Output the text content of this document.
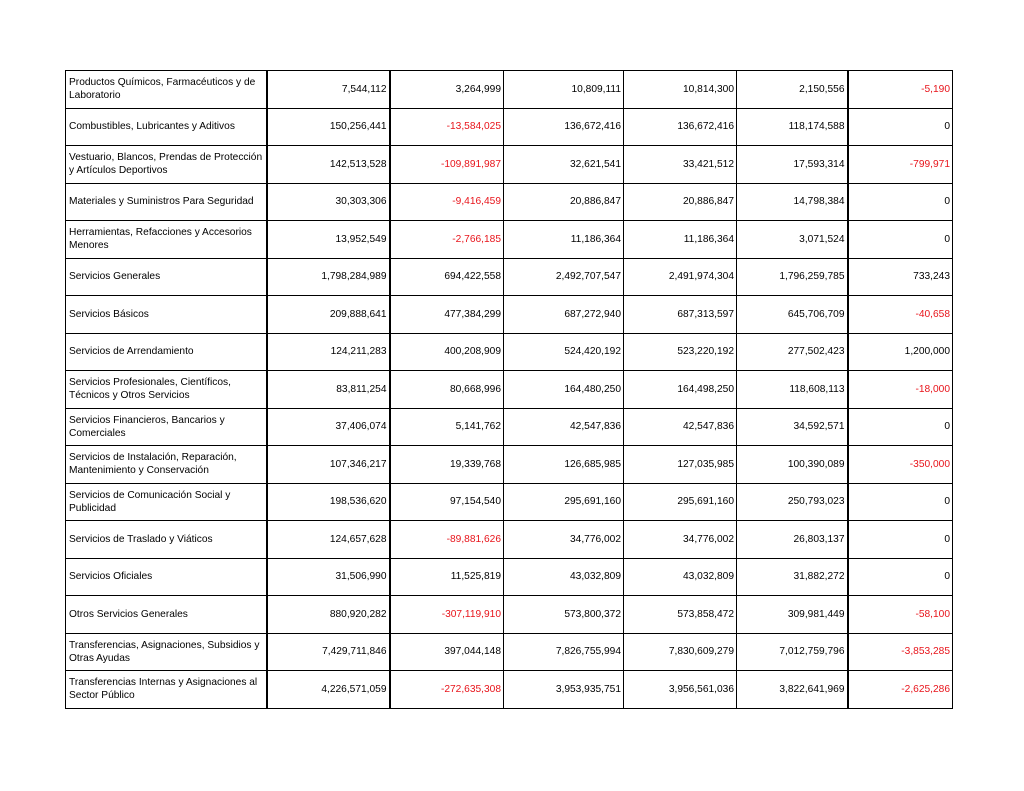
Productos Químicos, Farmacéuticos y de Laboratorio	7,544,112	3,264,999	10,809,111	10,814,300	2,150,556	-5,190
Combustibles, Lubricantes y Aditivos	150,256,441	-13,584,025	136,672,416	136,672,416	118,174,588	0
Vestuario, Blancos, Prendas de Protección y Artículos Deportivos	142,513,528	-109,891,987	32,621,541	33,421,512	17,593,314	-799,971
Materiales y Suministros Para Seguridad	30,303,306	-9,416,459	20,886,847	20,886,847	14,798,384	0
Herramientas, Refacciones y Accesorios Menores	13,952,549	-2,766,185	11,186,364	11,186,364	3,071,524	0
Servicios Generales	1,798,284,989	694,422,558	2,492,707,547	2,491,974,304	1,796,259,785	733,243
Servicios Básicos	209,888,641	477,384,299	687,272,940	687,313,597	645,706,709	-40,658
Servicios de Arrendamiento	124,211,283	400,208,909	524,420,192	523,220,192	277,502,423	1,200,000
Servicios Profesionales, Científicos, Técnicos y Otros Servicios	83,811,254	80,668,996	164,480,250	164,498,250	118,608,113	-18,000
Servicios Financieros, Bancarios y Comerciales	37,406,074	5,141,762	42,547,836	42,547,836	34,592,571	0
Servicios de Instalación, Reparación, Mantenimiento y Conservación	107,346,217	19,339,768	126,685,985	127,035,985	100,390,089	-350,000
Servicios de Comunicación Social y Publicidad	198,536,620	97,154,540	295,691,160	295,691,160	250,793,023	0
Servicios de Traslado y Viáticos	124,657,628	-89,881,626	34,776,002	34,776,002	26,803,137	0
Servicios Oficiales	31,506,990	11,525,819	43,032,809	43,032,809	31,882,272	0
Otros Servicios Generales	880,920,282	-307,119,910	573,800,372	573,858,472	309,981,449	-58,100
Transferencias, Asignaciones, Subsidios y Otras Ayudas	7,429,711,846	397,044,148	7,826,755,994	7,830,609,279	7,012,759,796	-3,853,285
Transferencias Internas y Asignaciones al Sector Público	4,226,571,059	-272,635,308	3,953,935,751	3,956,561,036	3,822,641,969	-2,625,286
